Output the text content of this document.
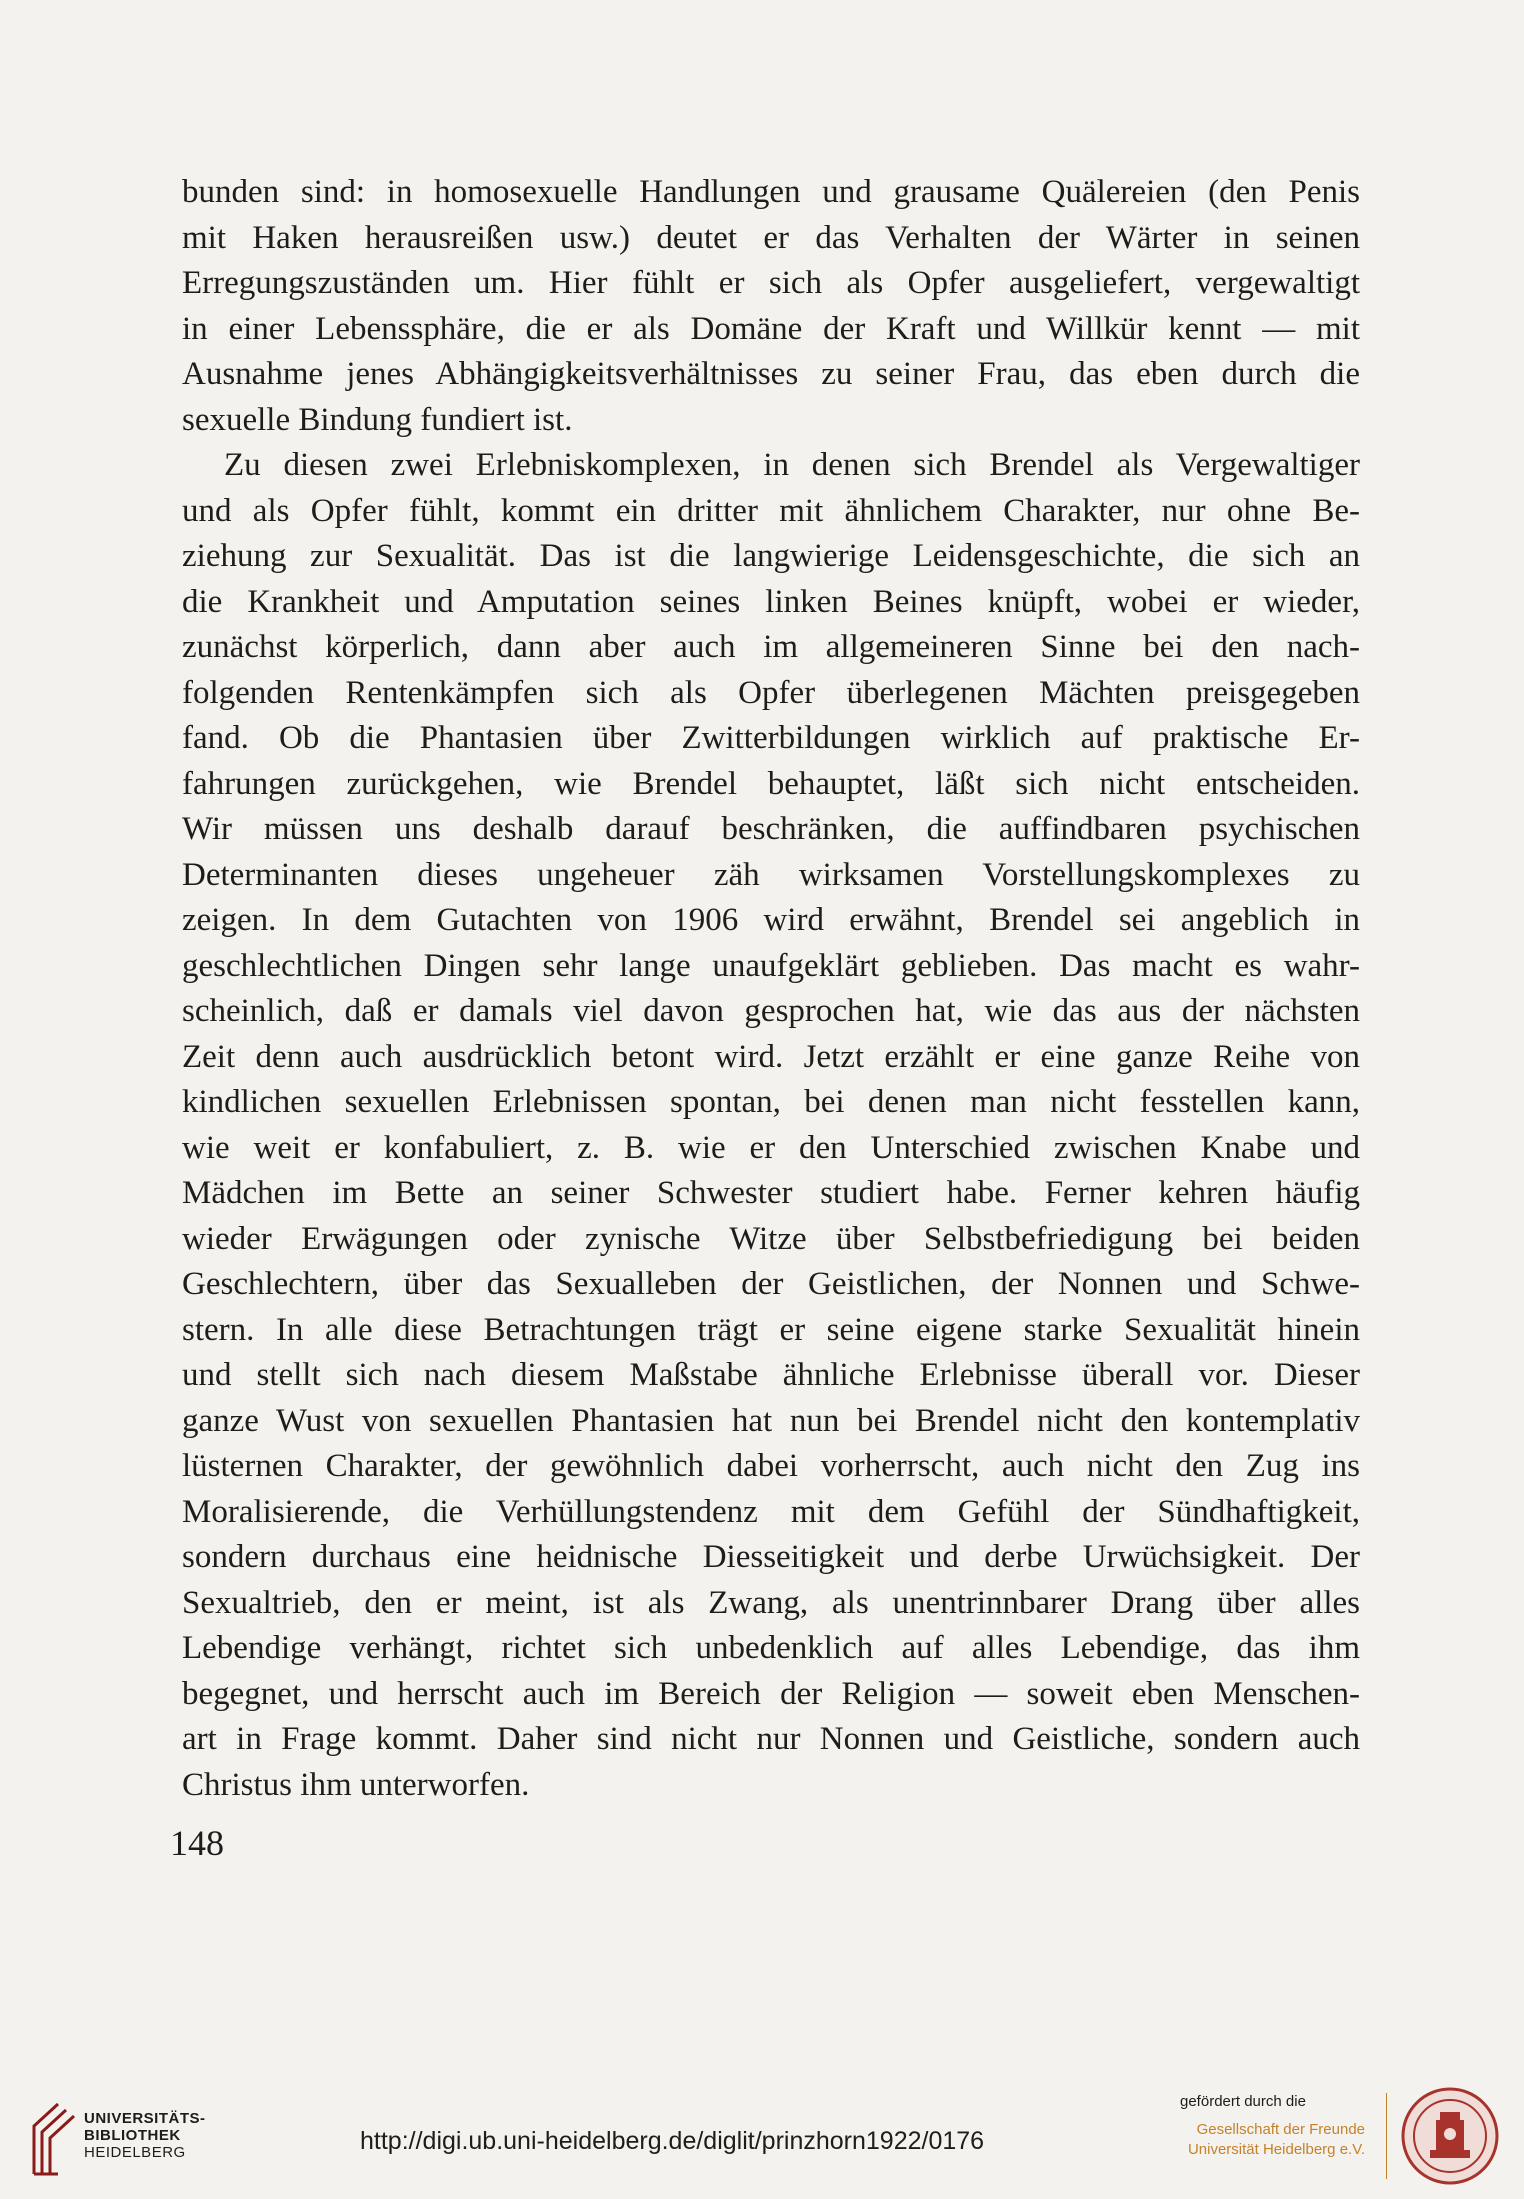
bunden sind: in homosexuelle Handlungen und grausame Quälereien (den Penis
mit Haken herausreißen usw.) deutet er das Verhalten der Wärter in seinen
Erregungszuständen um. Hier fühlt er sich als Opfer ausgeliefert, vergewaltigt
in einer Lebenssphäre, die er als Domäne der Kraft und Willkür kennt — mit
Ausnahme jenes Abhängigkeitsverhältnisses zu seiner Frau, das eben durch die
sexuelle Bindung fundiert ist.
Zu diesen zwei Erlebniskomplexen, in denen sich Brendel als Vergewaltiger
und als Opfer fühlt, kommt ein dritter mit ähnlichem Charakter, nur ohne Be-
ziehung zur Sexualität. Das ist die langwierige Leidensgeschichte, die sich an
die Krankheit und Amputation seines linken Beines knüpft, wobei er wieder,
zunächst körperlich, dann aber auch im allgemeineren Sinne bei den nach-
folgenden Rentenkämpfen sich als Opfer überlegenen Mächten preisgegeben
fand. Ob die Phantasien über Zwitterbildungen wirklich auf praktische Er-
fahrungen zurückgehen, wie Brendel behauptet, läßt sich nicht entscheiden.
Wir müssen uns deshalb darauf beschränken, die auffindbaren psychischen
Determinanten dieses ungeheuer zäh wirksamen Vorstellungskomplexes zu
zeigen. In dem Gutachten von 1906 wird erwähnt, Brendel sei angeblich in
geschlechtlichen Dingen sehr lange unaufgeklärt geblieben. Das macht es wahr-
scheinlich, daß er damals viel davon gesprochen hat, wie das aus der nächsten
Zeit denn auch ausdrücklich betont wird. Jetzt erzählt er eine ganze Reihe von
kindlichen sexuellen Erlebnissen spontan, bei denen man nicht fesstellen kann,
wie weit er konfabuliert, z. B. wie er den Unterschied zwischen Knabe und
Mädchen im Bette an seiner Schwester studiert habe. Ferner kehren häufig
wieder Erwägungen oder zynische Witze über Selbstbefriedigung bei beiden
Geschlechtern, über das Sexualleben der Geistlichen, der Nonnen und Schwe-
stern. In alle diese Betrachtungen trägt er seine eigene starke Sexualität hinein
und stellt sich nach diesem Maßstabe ähnliche Erlebnisse überall vor. Dieser
ganze Wust von sexuellen Phantasien hat nun bei Brendel nicht den kontemplativ
lüsternen Charakter, der gewöhnlich dabei vorherrscht, auch nicht den Zug ins
Moralisierende, die Verhüllungstendenz mit dem Gefühl der Sündhaftigkeit,
sondern durchaus eine heidnische Diesseitigkeit und derbe Urwüchsigkeit. Der
Sexualtrieb, den er meint, ist als Zwang, als unentrinnbarer Drang über alles
Lebendige verhängt, richtet sich unbedenklich auf alles Lebendige, das ihm
begegnet, und herrscht auch im Bereich der Religion — soweit eben Menschen-
art in Frage kommt. Daher sind nicht nur Nonnen und Geistliche, sondern auch
Christus ihm unterworfen.
148
UNIVERSITÄTS-
BIBLIOTHEK
HEIDELBERG	http://digi.ub.uni-heidelberg.de/diglit/prinzhorn1922/0176
gefördert durch die
Gesellschaft der Freunde
Universität Heidelberg e.V.
